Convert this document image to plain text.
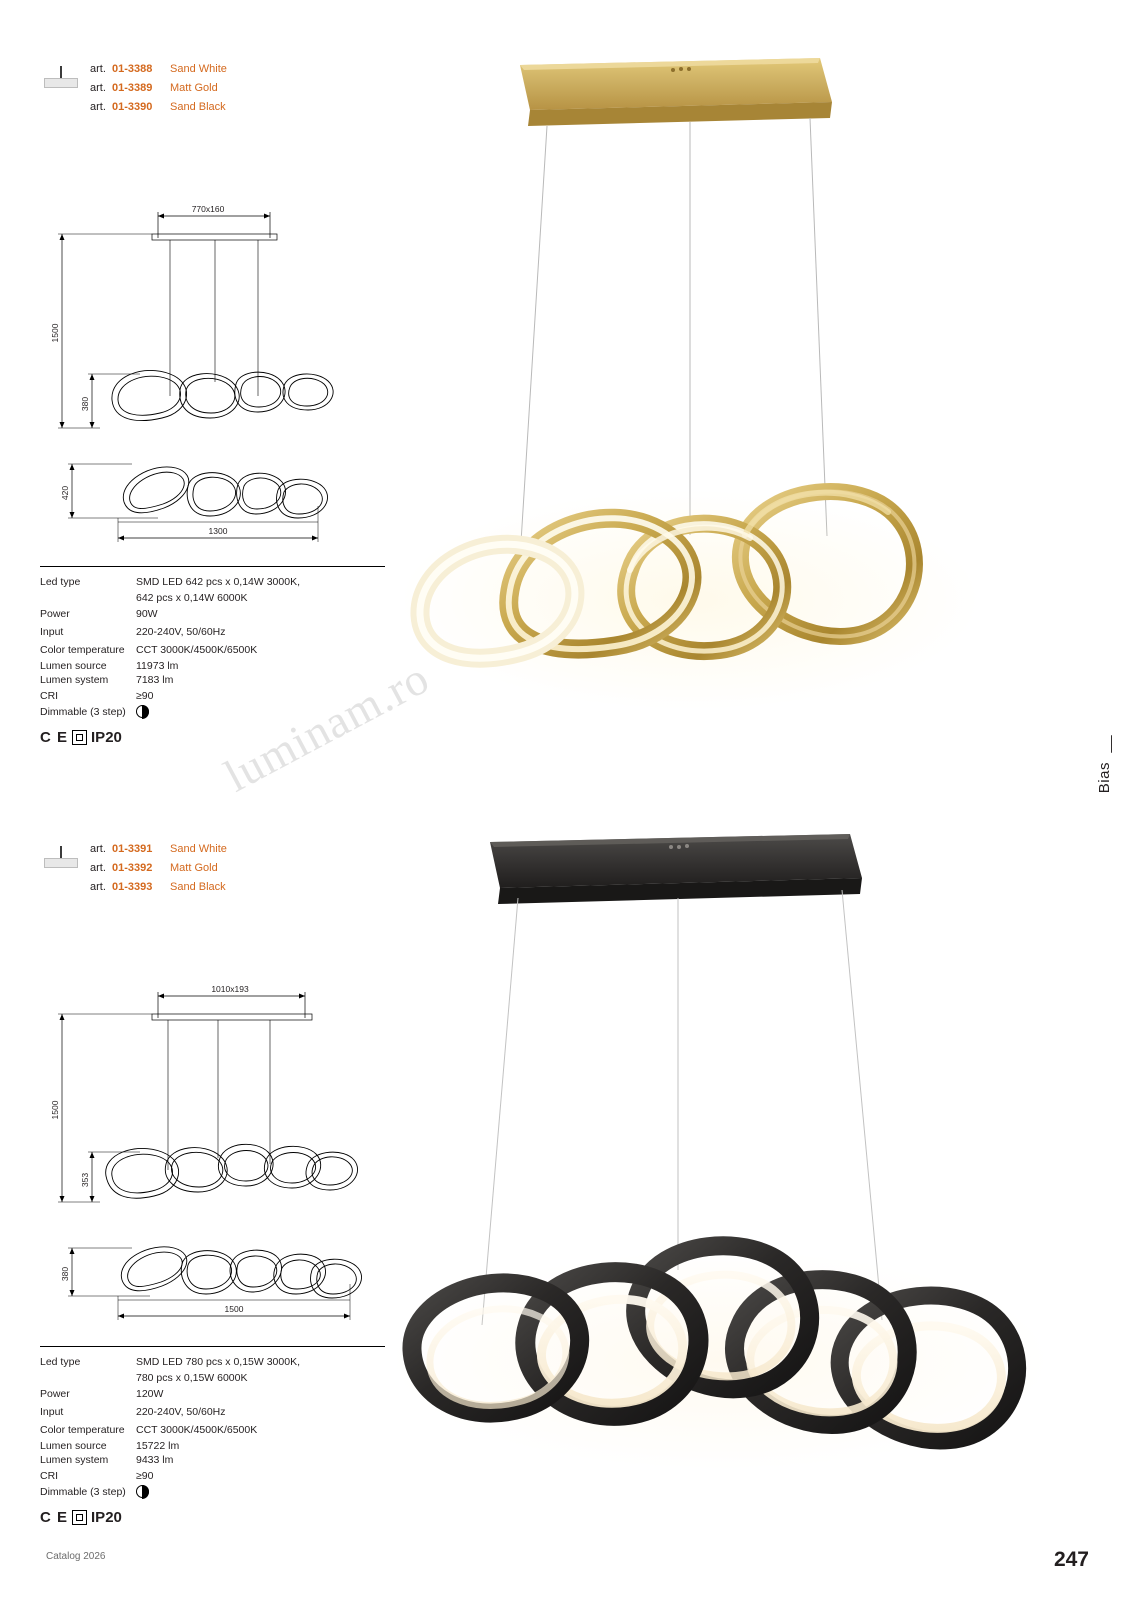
art. 01-3388	Sand White
art. 01-3389	Matt Gold
art. 01-3390	Sand Black
770x160
1500
380
420
1300
Led type	SMD LED 642 pcs x 0,14W 3000K,
642 pcs x 0,14W 6000K
Power	90W
Input	220-240V, 50/60Hz
Color temperature	CCT 3000K/4500K/6500K
Lumen source	11973 lm
Lumen system	7183 lm
CRI	≥90
Dimmable (3 step)
C E IP20
art. 01-3391	Sand White
art. 01-3392	Matt Gold
art. 01-3393	Sand Black
1010x193
1500
353
380
1500
Led type	SMD LED 780 pcs x 0,15W 3000K,
780 pcs x 0,15W 6000K
Power	120W
Input	220-240V, 50/60Hz
Color temperature	CCT 3000K/4500K/6500K
Lumen source	15722 lm
Lumen system	9433 lm
CRI	≥90
Dimmable (3 step)
C E IP20
Bias  __
luminam.ro
Catalog 2026	247
